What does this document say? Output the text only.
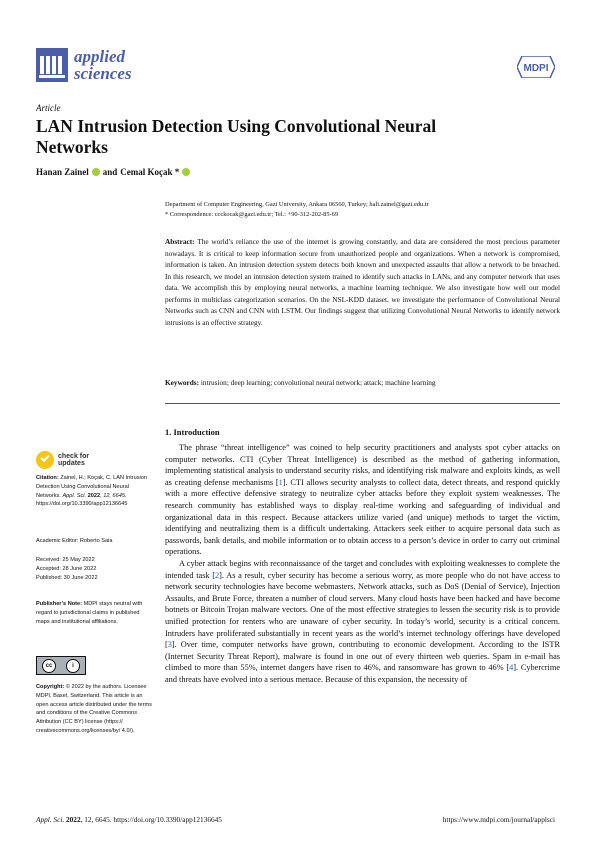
applied
sciences	MDPI
Article
LAN Intrusion Detection Using Convolutional Neural Networks
Hanan Zainel and Cemal Koçak *
Department of Computer Engineering, Gazi University, Ankara 06560, Turkey; hali.zainel@gazi.edu.tr
* Correspondence: ccckocak@gazi.edu.tr; Tel.: +90-312-202-85-69
Abstract: The world’s reliance the use of the internet is growing constantly, and data are considered the most precious parameter nowadays. It is critical to keep information secure from unauthorized people and organizations. When a network is compromised, information is taken. An intrusion detection system detects both known and unexpected assaults that allow a network to be breached. In this research, we model an intrusion detection system trained to identify such attacks in LANs, and any computer network that uses data. We accomplish this by employing neural networks, a machine learning technique. We also investigate how well our model performs in multiclass categorization scenarios. On the NSL-KDD dataset, we investigate the performance of Convolutional Neural Networks such as CNN and CNN with LSTM. Our findings suggest that utilizing Convolutional Neural Networks to identify network intrusions is an effective strategy.
Keywords: intrusion; deep learning; convolutional neural network; attack; machine learning
1. Introduction

The phrase “threat intelligence” was coined to help security practitioners and analysts spot cyber attacks on computer networks. CTI (Cyber Threat Intelligence) is described as the method of gathering information, implementing statistical analysis to understand security risks, and identifying risk malware and exploits kinds, as well as creating defense mechanisms [1]. CTI allows security analysts to collect data, detect threats, and respond quickly with a more effective defensive strategy to neutralize cyber attacks before they exploit system weaknesses. The research community has established ways to display real-time working and safeguarding of individual and organizational data in this respect. Because attackers utilize varied (and unique) methods to target the victim, identifying and neutralizing them is a difficult undertaking. Attackers seek either to acquire personal data such as passwords, bank details, and mobile information or to obtain access to a person’s device in order to carry out criminal operations.

A cyber attack begins with reconnaissance of the target and concludes with exploiting weaknesses to complete the intended task [2]. As a result, cyber security has become a serious worry, as more people who do not have access to network security technologies have become webmasters. Network attacks, such as DoS (Denial of Service), Injection Assaults, and Brute Force, threaten a number of cloud servers. Many cloud hosts have been hacked and have become botnets or Bitcoin Trojan malware vectors. One of the most effective strategies to lessen the security risk is to provide unified protection for renters who are unaware of cyber security. In today’s world, security is a critical concern. Intruders have proliferated substantially in recent years as the world’s internet technology offerings have developed [3]. Over time, computer networks have grown, contributing to economic development. According to the ISTR (Internet Security Threat Report), malware is found in one out of every thirteen web queries. Spam in e-mail has climbed to more than 55%, internet dangers have risen to 46%, and ransomware has grown to 46% [4]. Cybercrime and threats have evolved into a serious menace. Because of this expansion, the necessity of

check for
updates
Citation: Zainel, H.; Koçak, C. LAN Intrusion Detection Using Convolutional Neural Networks. Appl. Sci. 2022, 12, 6645. https://doi.org/10.3390/app12136645
Academic Editor: Roberto Saia
Received: 25 May 2022
Accepted: 28 June 2022
Published: 30 June 2022
Publisher’s Note: MDPI stays neutral with regard to jurisdictional claims in published maps and institutional affiliations.
cc	i
Copyright: © 2022 by the authors. Licensee MDPI, Basel, Switzerland. This article is an open access article distributed under the terms and conditions of the Creative Commons Attribution (CC BY) license (https:// creativecommons.org/licenses/by/ 4.0/).
Appl. Sci. 2022, 12, 6645. https://doi.org/10.3390/app12136645	https://www.mdpi.com/journal/applsci
